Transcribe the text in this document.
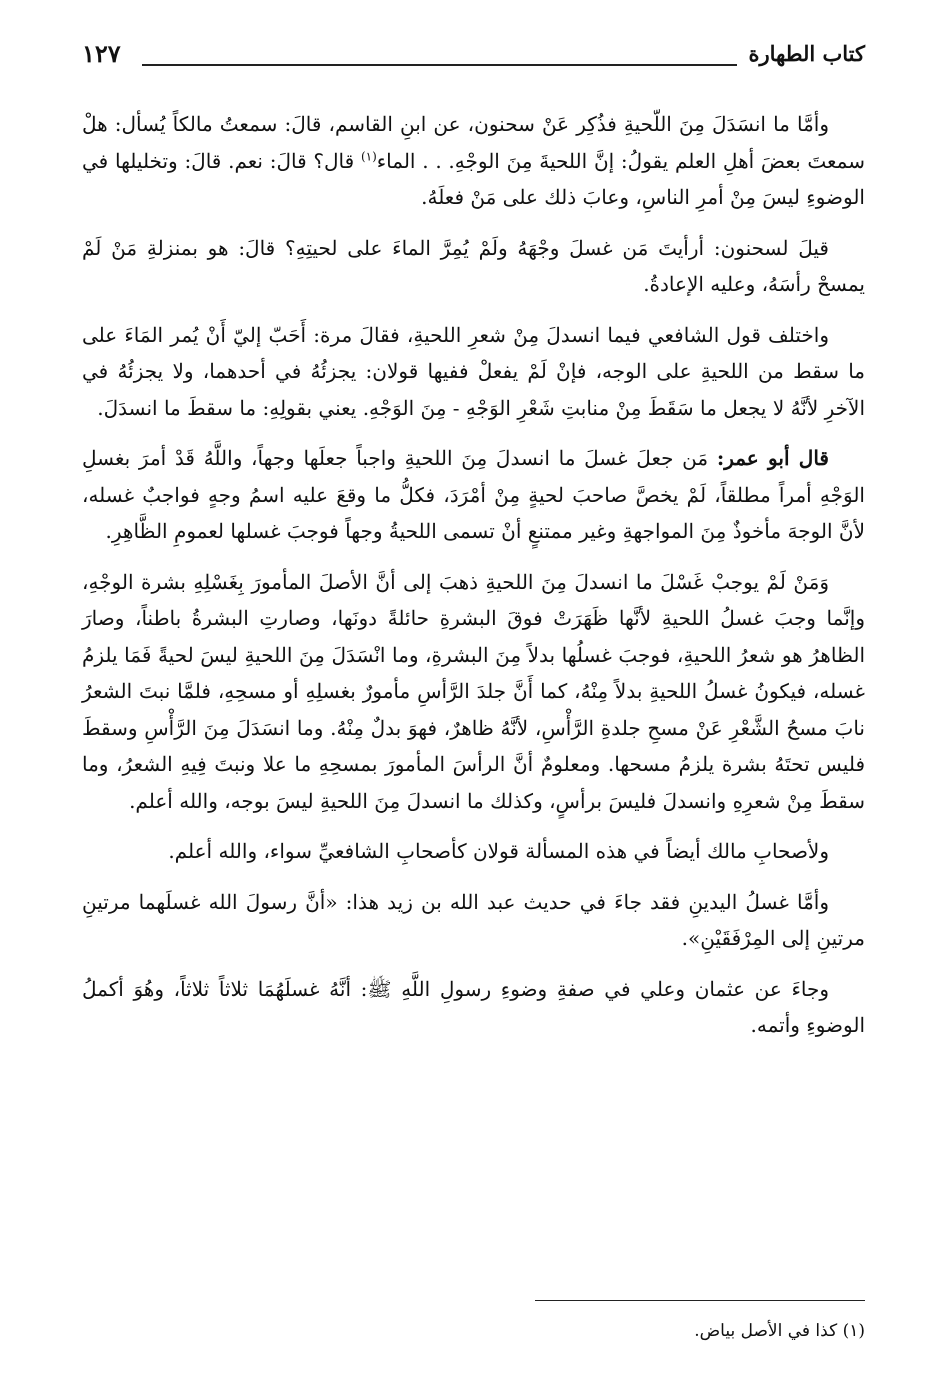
كتاب الطهارة
١٢٧

وأمَّا ما انسَدَلَ مِنَ اللّحيةِ فذُكِر عَنْ سحنون، عن ابنِ القاسم، قالَ: سمعتُ مالكاً يُسأل: هلْ سمعتَ بعضَ أهلِ العلم يقولُ: إنَّ اللحيةَ مِنَ الوجْهِ. . . الماء$^{(١)}$ قال؟ قالَ: نعم. قالَ: وتخليلها في الوضوءِ ليسَ مِنْ أمرِ الناسِ، وعابَ ذلك على مَنْ فعلَهُ.

قيلَ لسحنون: أرأيتَ مَن غسلَ وجْهَهُ ولَمْ يُمِرَّ الماءَ على لحيتِهِ؟ قالَ: هو بمنزلةِ مَنْ لَمْ يمسحْ رأسَهُ، وعليه الإعادةُ.

واختلف قول الشافعي فيما انسدلَ مِنْ شعرِ اللحيةِ، فقالَ مرة: أَحَبّ إليّ أَنْ يُمر المَاءَ على ما سقط من اللحيةِ على الوجه، فإنْ لَمْ يفعلْ ففيها قولان: يجزئُهُ في أحدهما، ولا يجزئُهُ في الآخرِ لأنَّهُ لا يجعل ما سَقَطَ مِنْ منابتِ شَعْرِ الوَجْهِ - مِنَ الوَجْهِ. يعني بقولِهِ: ما سقطَ ما انسدَلَ.

قال أبو عمر: مَن جعلَ غسلَ ما انسدلَ مِنَ اللحيةِ واجباً جعلَها وجهاً، واللَّهُ قَدْ أمرَ بغسلِ الوَجْهِ أمراً مطلقاً، لَمْ يخصَّ صاحبَ لحيةٍ مِنْ أمْرَدَ، فكلُّ ما وقعَ عليه اسمُ وجهٍ فواجبٌ غسله، لأنَّ الوجهَ مأخوذٌ مِنَ المواجهةِ وغير ممتنعٍ أنْ تسمى اللحيةُ وجهاً فوجبَ غسلها لعمومِ الظَّاهِرِ.

وَمَنْ لَمْ يوجبْ غَسْلَ ما انسدلَ مِنَ اللحيةِ ذهبَ إلى أنَّ الأصلَ المأمورَ بِغَسْلِهِ بشرة الوجْهِ، وإنَّما وجبَ غسلُ اللحيةِ لأنَّها ظَهَرَتْ فوقَ البشرةِ حائلةً دونَها، وصارتِ البشرةُ باطناً، وصارَ الظاهرُ هو شعرُ اللحيةِ، فوجبَ غسلُها بدلاً مِنَ البشرةِ، وما انْسَدَلَ مِنَ اللحيةِ ليسَ لحيةً فَمَا يلزمُ غسله، فيكونُ غسلُ اللحيةِ بدلاً مِنْهُ، كما أَنَّ جلدَ الرَّأسِ مأمورٌ بغسلِهِ أو مسحِهِ، فلمَّا نبتَ الشعرُ نابَ مسحُ الشَّعْرِ عَنْ مسحِ جلدةِ الرَّأْسِ، لأنَّهُ ظاهرٌ، فهوَ بدلٌ مِنْهُ. وما انسَدَلَ مِنَ الرَّأْسِ وسقطَ فليس تحتَهُ بشرة يلزمُ مسحها. ومعلومٌ أنَّ الرأسَ المأمورَ بمسحِهِ ما علا ونبتَ فِيهِ الشعرُ، وما سقطَ مِنْ شعرِهِ وانسدلَ فليسَ برأسٍ، وكذلك ما انسدلَ مِنَ اللحيةِ ليسَ بوجه، والله أعلم.

ولأصحابِ مالك أيضاً في هذه المسألة قولان كأصحابِ الشافعيِّ سواء، والله أعلم.

وأمَّا غسلُ اليدينِ فقد جاءَ في حديث عبد الله بن زيد هذا: «أنَّ رسولَ الله غسلَهما مرتينِ مرتينِ إلى المِرْفَقَيْنِ».

وجاءَ عن عثمان وعلي في صفةِ وضوءِ رسولِ اللَّهِ ﷺ: أنَّهُ غسلَهُمَا ثلاثاً ثلاثاً، وهُوَ أكملُ الوضوءِ وأتمه.

(١) كذا في الأصل بياض.
